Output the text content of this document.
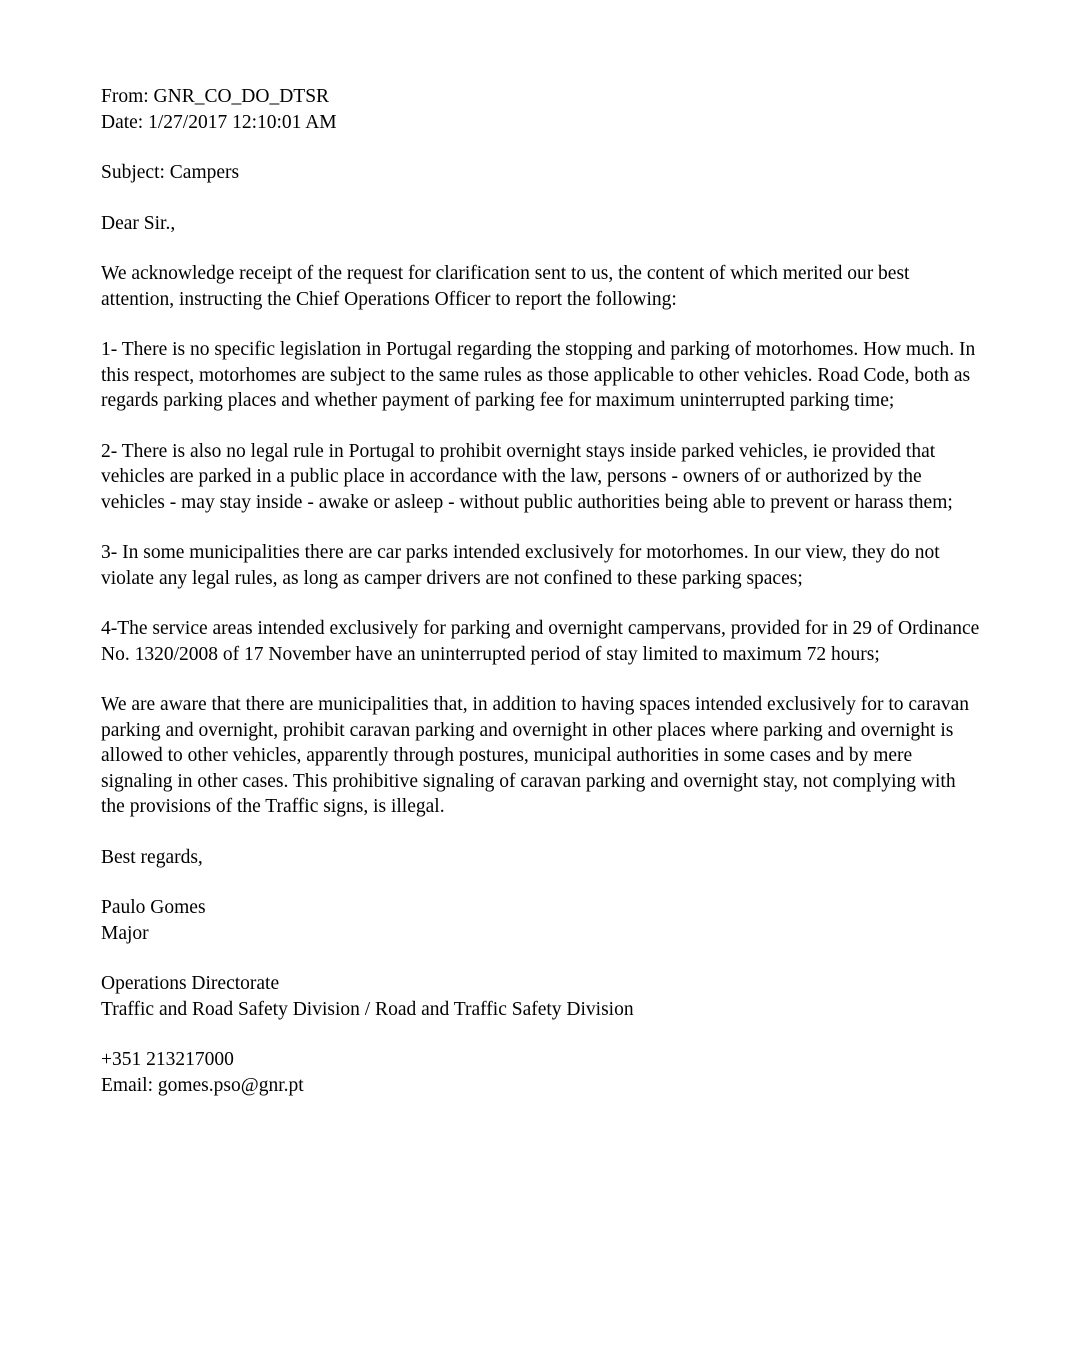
From: GNR_CO_DO_DTSR
Date: 1/27/2017 12:10:01 AM
Subject: Campers
Dear Sir.,

We acknowledge receipt of the request for clarification sent to us, the content of which merited our best attention, instructing the Chief Operations Officer to report the following:

1- There is no specific legislation in Portugal regarding the stopping and parking of motorhomes. How much. In this respect, motorhomes are subject to the same rules as those applicable to other vehicles. Road Code, both as regards parking places and whether payment of parking fee for maximum uninterrupted parking time;

2- There is also no legal rule in Portugal to prohibit overnight stays inside parked vehicles, ie provided that vehicles are parked in a public place in accordance with the law, persons - owners of or authorized by the vehicles - may stay inside - awake or asleep - without public authorities being able to prevent or harass them;

3- In some municipalities there are car parks intended exclusively for motorhomes. In our view, they do not violate any legal rules, as long as camper drivers are not confined to these parking spaces;

4-The service areas intended exclusively for parking and overnight campervans, provided for in 29 of Ordinance No. 1320/2008 of 17 November have an uninterrupted period of stay limited to maximum 72 hours;

We are aware that there are municipalities that, in addition to having spaces intended exclusively for to caravan parking and overnight, prohibit caravan parking and overnight in other places where parking and overnight is allowed to other vehicles, apparently through postures, municipal authorities in some cases and by mere signaling in other cases. This prohibitive signaling of caravan parking and overnight stay, not complying with the provisions of the Traffic signs, is illegal.

Best regards,
Paulo Gomes
Major
Operations Directorate
Traffic and Road Safety Division / Road and Traffic Safety Division
+351 213217000
Email: gomes.pso@gnr.pt
